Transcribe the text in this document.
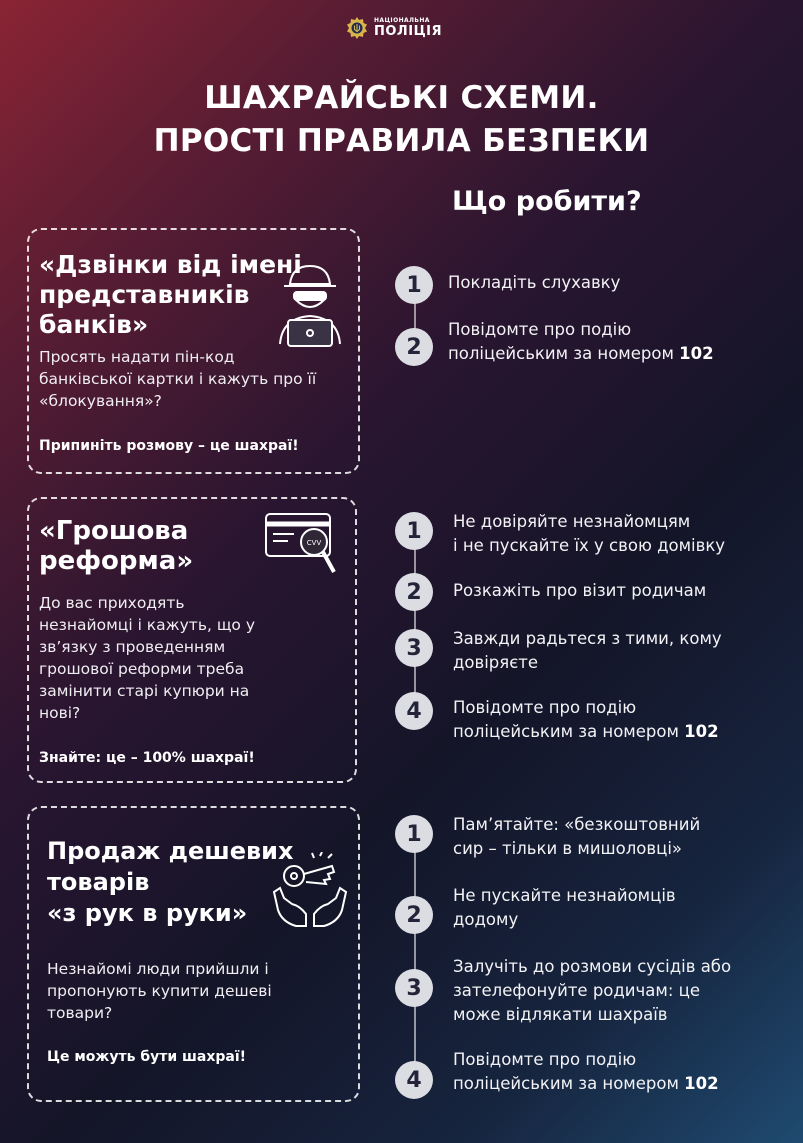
НАЦІОНАЛЬНА
ПОЛІЦІЯ
ШАХРАЙСЬКІ СХЕМИ.
ПРОСТІ ПРАВИЛА БЕЗПЕКИ
Що робити?
«Дзвінки від імені
представників
банків»
Просять надати пін-код
банківської картки і кажуть про її
«блокування»?
Припиніть розмову – це шахраї!
1	Покладіть слухавку
2
Повідомте про подію
поліцейським за номером 102
«Грошова
реформа»
CVV
До вас приходять
незнайомці і кажуть, що у
зв’язку з проведенням
грошової реформи треба
замінити старі купюри на
нові?
Знайте: це – 100% шахраї!
1	Не довіряйте незнайомцям
і не пускайте їх у свою домівку
2	Розкажіть про візит родичам
3	Завжди радьтеся з тими, кому
довіряєте
4	Повідомте про подію
поліцейським за номером 102
Продаж дешевих
товарів
«з рук в руки»
Незнайомі люди прийшли і
пропонують купити дешеві
товари?
Це можуть бути шахраї!
1	Пам’ятайте: «безкоштовний
сир – тільки в мишоловці»
2
Не пускайте незнайомців
додому
3
Залучіть до розмови сусідів або
зателефонуйте родичам: це
може відлякати шахраїв
4
Повідомте про подію
поліцейським за номером 102
